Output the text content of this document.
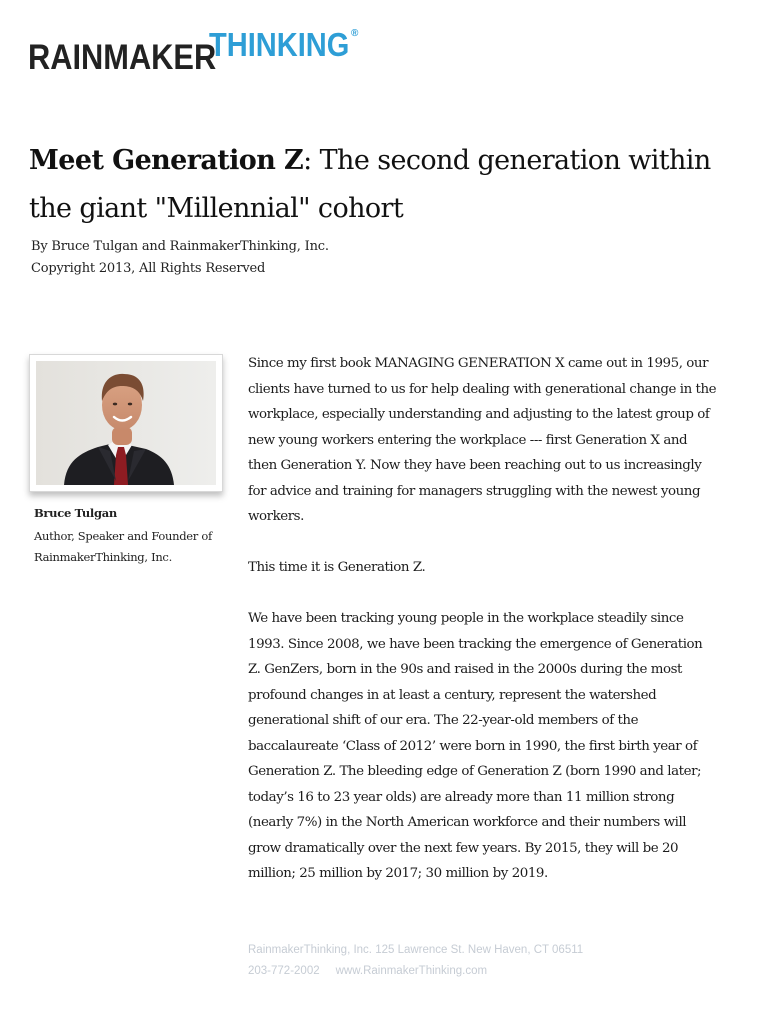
RAINMAKER
THINKING ®
Meet Generation Z: The second generation within the giant "Millennial" cohort
By Bruce Tulgan and RainmakerThinking, Inc.
Copyright 2013, All Rights Reserved
Bruce Tulgan
Author, Speaker and Founder of RainmakerThinking, Inc.

Since my first book MANAGING GENERATION X came out in 1995, our clients have turned to us for help dealing with generational change in the workplace, especially understanding and adjusting to the latest group of new young workers entering the workplace --- first Generation X and then Generation Y. Now they have been reaching out to us increasingly for advice and training for managers struggling with the newest young workers.

This time it is Generation Z.

We have been tracking young people in the workplace steadily since 1993. Since 2008, we have been tracking the emergence of Generation Z. GenZers, born in the 90s and raised in the 2000s during the most profound changes in at least a century, represent the watershed generational shift of our era. The 22-year-old members of the baccalaureate ‘Class of 2012’ were born in 1990, the first birth year of Generation Z. The bleeding edge of Generation Z (born 1990 and later; today’s 16 to 23 year olds) are already more than 11 million strong (nearly 7%) in the North American workforce and their numbers will grow dramatically over the next few years. By 2015, they will be 20 million; 25 million by 2017; 30 million by 2019.

RainmakerThinking, Inc. 125 Lawrence St. New Haven, CT 06511
203-772-2002     www.RainmakerThinking.com
